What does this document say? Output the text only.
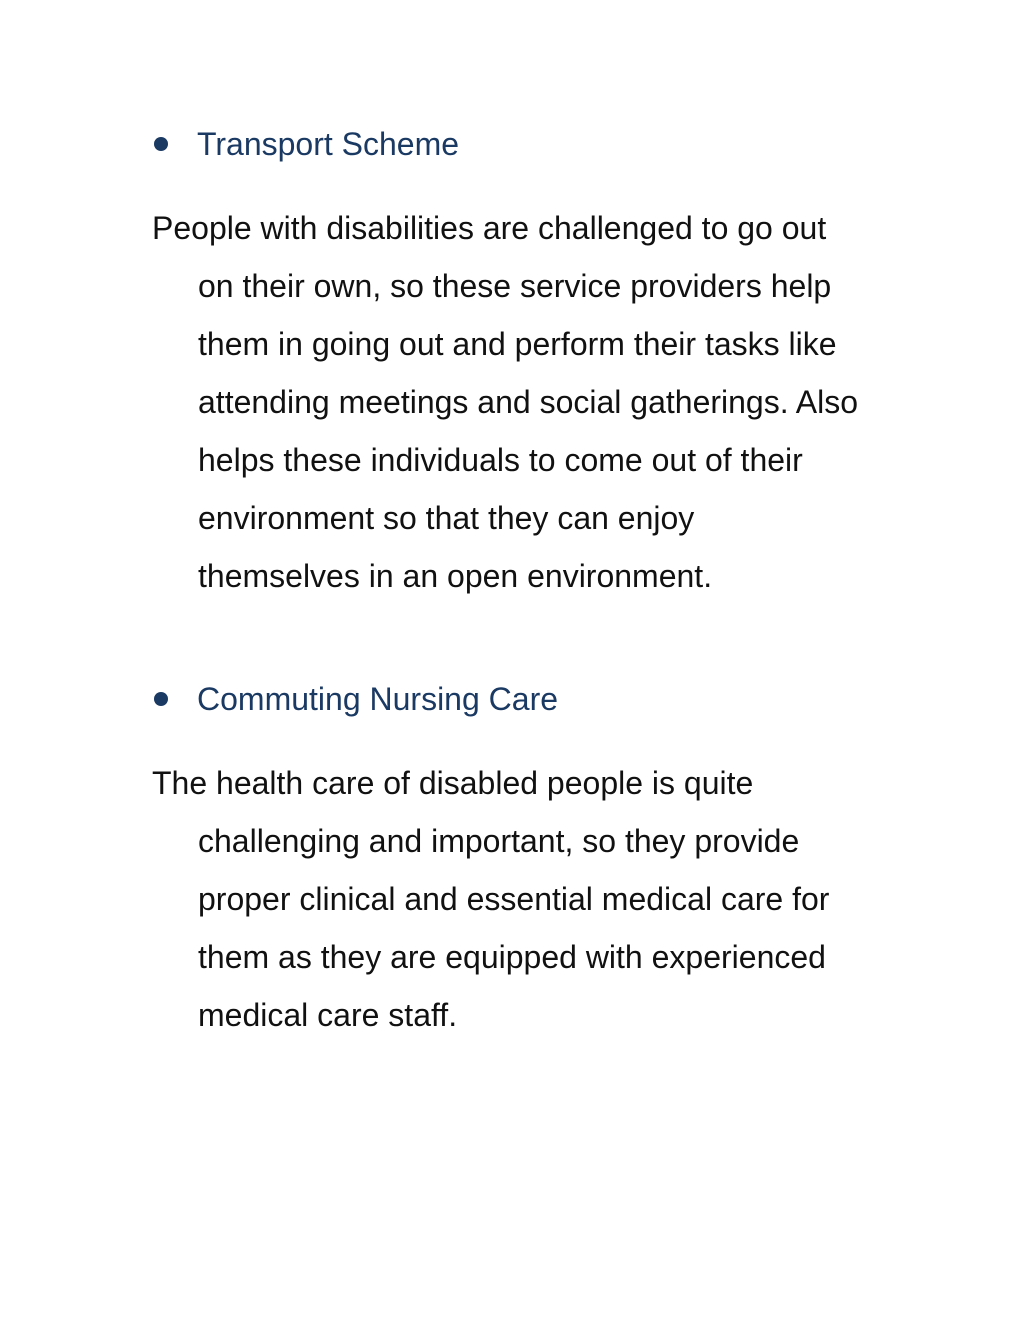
Transport Scheme
People with disabilities are challenged to go out
on their own, so these service providers help
them in going out and perform their tasks like
attending meetings and social gatherings. Also
helps these individuals to come out of their
environment so that they can enjoy
themselves in an open environment.
Commuting Nursing Care
The health care of disabled people is quite
challenging and important, so they provide
proper clinical and essential medical care for
them as they are equipped with experienced
medical care staff.
